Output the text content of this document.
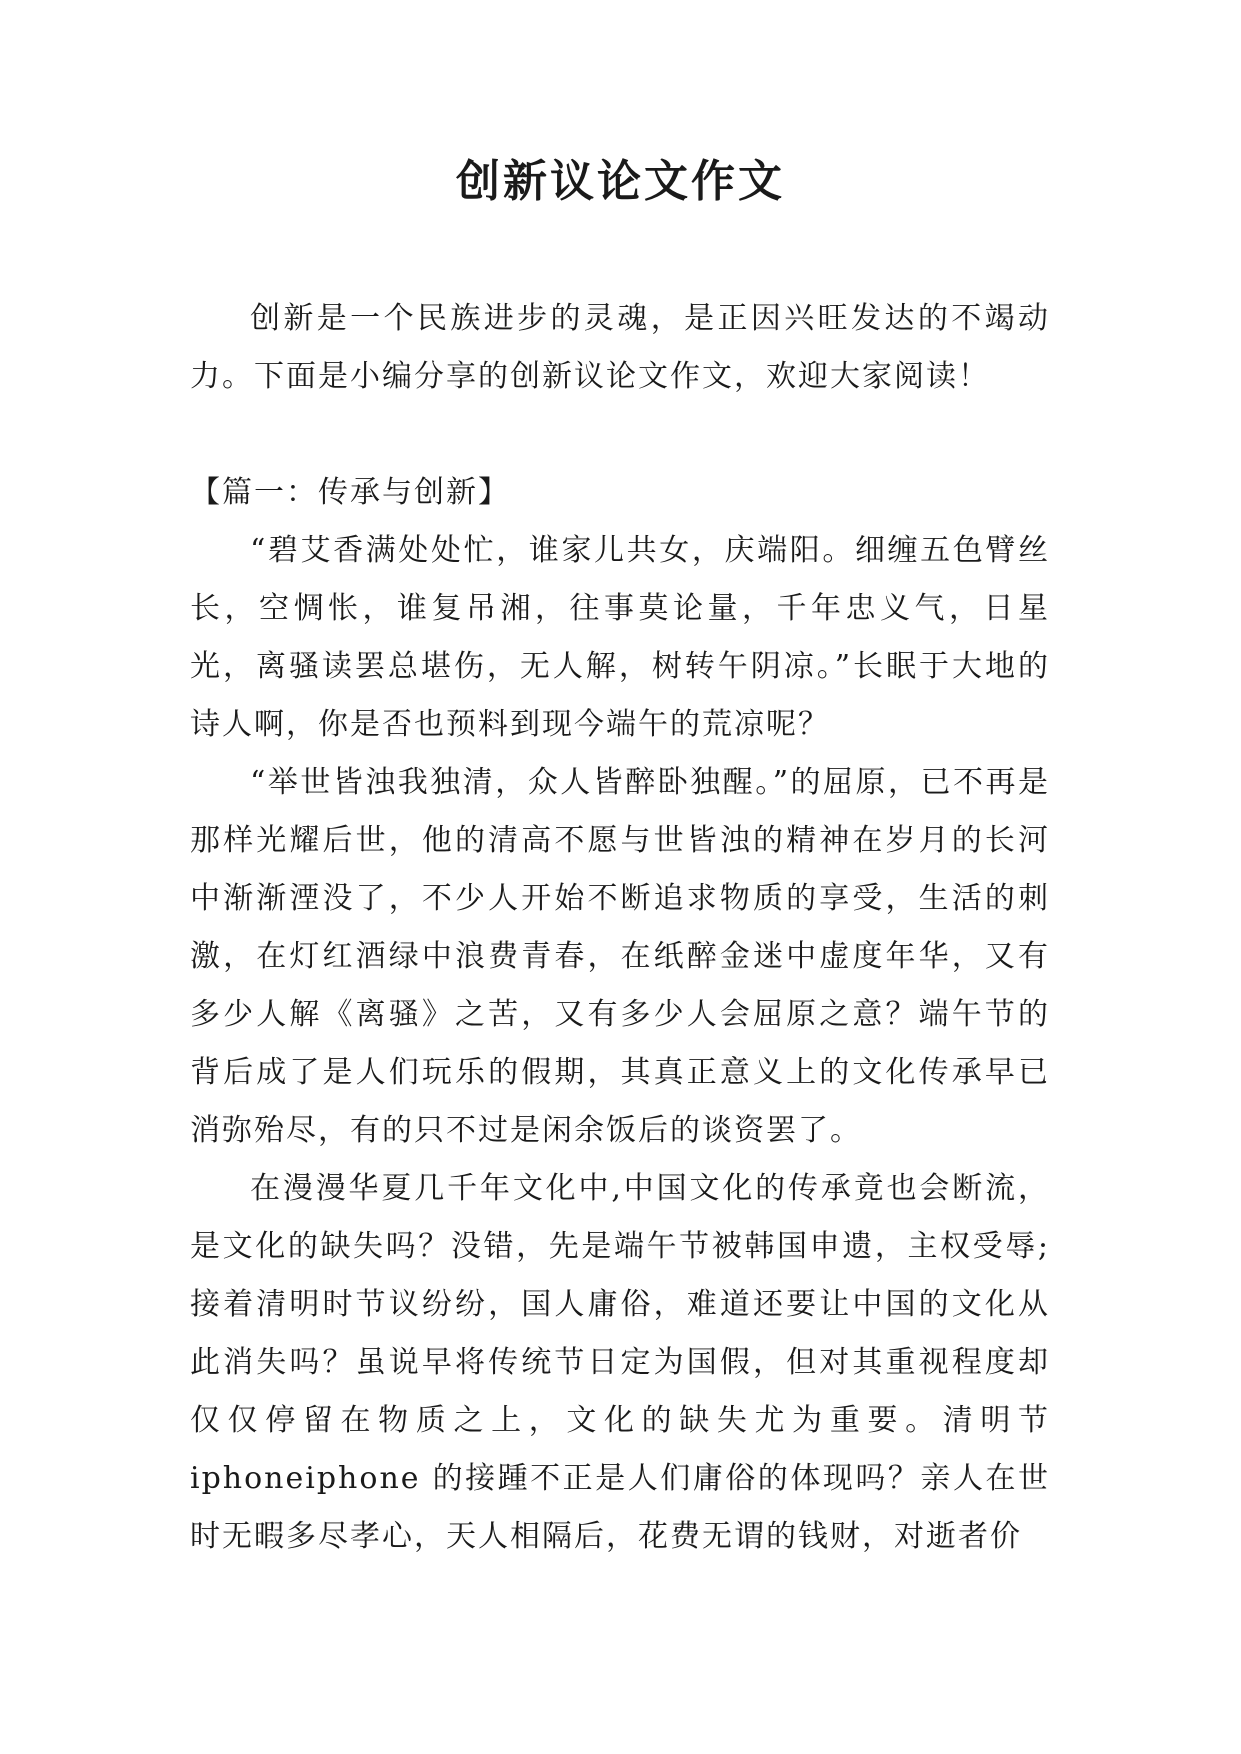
创新议论文作文

创新是一个民族进步的灵魂，是正因兴旺发达的不竭动力。下面是小编分享的创新议论文作文，欢迎大家阅读！

【篇一：传承与创新】

“碧艾香满处处忙，谁家儿共女，庆端阳。细缠五色臂丝长，空惆怅，谁复吊湘，往事莫论量，千年忠义气，日星光，离骚读罢总堪伤，无人解，树转午阴凉。”长眠于大地的诗人啊，你是否也预料到现今端午的荒凉呢？

“举世皆浊我独清，众人皆醉卧独醒。”的屈原，已不再是那样光耀后世，他的清高不愿与世皆浊的精神在岁月的长河中渐渐湮没了，不少人开始不断追求物质的享受，生活的刺激，在灯红酒绿中浪费青春，在纸醉金迷中虚度年华，又有多少人解《离骚》之苦，又有多少人会屈原之意？端午节的背后成了是人们玩乐的假期，其真正意义上的文化传承早已消弥殆尽，有的只不过是闲余饭后的谈资罢了。

在漫漫华夏几千年文化中,中国文化的传承竟也会断流，是文化的缺失吗？没错，先是端午节被韩国申遗，主权受辱;接着清明时节议纷纷，国人庸俗，难道还要让中国的文化从此消失吗？虽说早将传统节日定为国假，但对其重视程度却仅仅停留在物质之上，文化的缺失尤为重要。清明节iphoneiphone 的接踵不正是人们庸俗的体现吗？亲人在世时无暇多尽孝心，天人相隔后，花费无谓的钱财，对逝者价
